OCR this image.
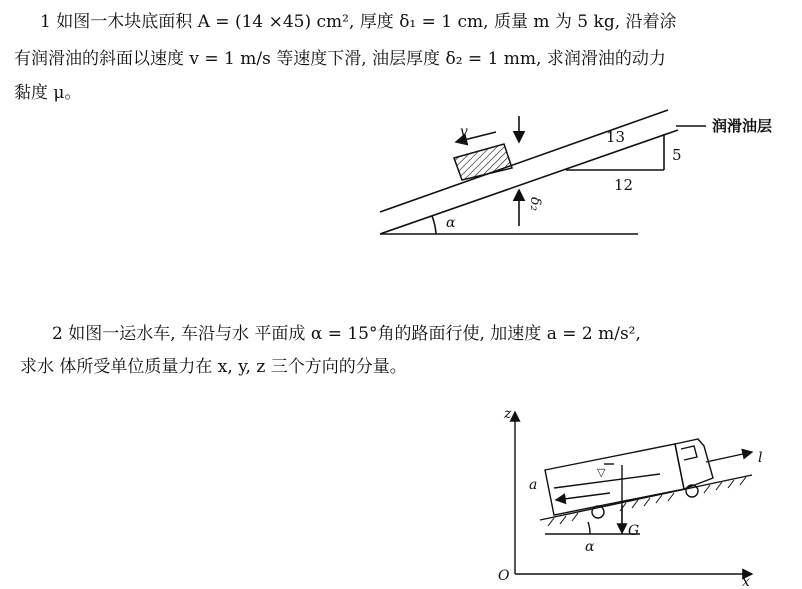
1 如图一木块底面积 A = (14 ×45) cm², 厚度 δ₁ = 1 cm, 质量 m 为 5 kg, 沿着涂
有润滑油的斜面以速度 v = 1 m/s 等速度下滑, 油层厚度 δ₂ = 1 mm, 求润滑油的动力
黏度 μ。
2 如图一运水车, 车沿与水 平面成 α = 15°角的路面行使, 加速度 a = 2 m/s²,
求水 体所受单位质量力在 x, y, z 三个方向的分量。
v	13
5
12
润滑油层
δ₂
α
z
x
O
a
l
G
α
▽
